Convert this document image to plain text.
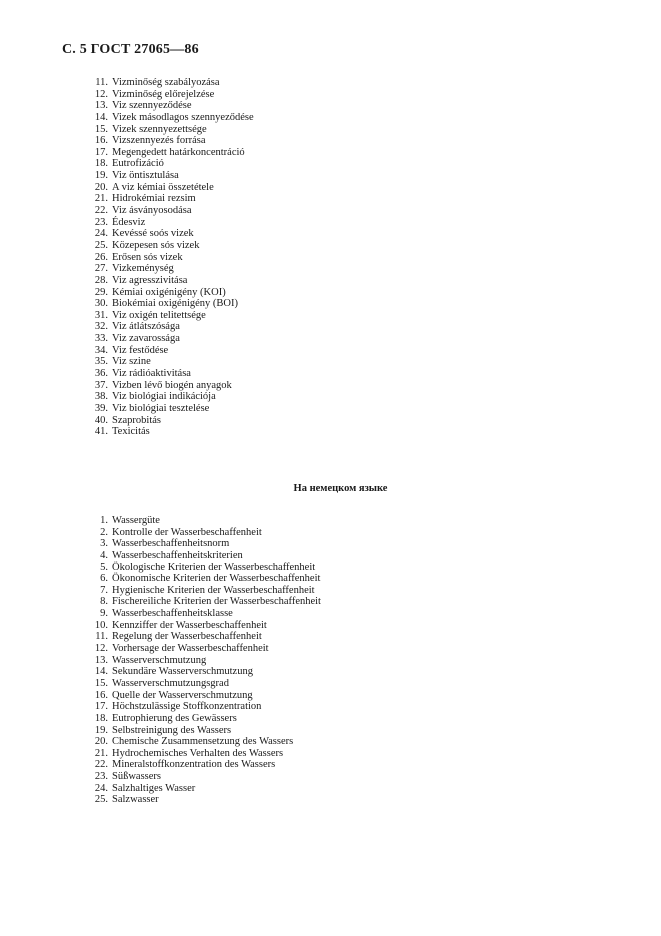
С. 5 ГОСТ 27065—86
11. Vizminőség szabályozása
12. Vizminőség előrejelzése
13. Viz szennyeződése
14. Vizek másodlagos szennyeződése
15. Vizek szennyezettsége
16. Vizszennyezés forrása
17. Megengedett határkoncentráció
18. Eutrofizáció
19. Viz öntisztulása
20. A viz kémiai összetétele
21. Hidrokémiai rezsim
22. Viz ásványosodása
23. Édesviz
24. Kevéssé soós vizek
25. Közepesen sós vizek
26. Erősen sós vizek
27. Vizkeménység
28. Viz agresszivitása
29. Kémiai oxigénigény (KOI)
30. Biokémiai oxigénigény (BOI)
31. Viz oxigén telitettsége
32. Viz átlátszósága
33. Viz zavarossága
34. Viz festődése
35. Viz szine
36. Viz rádióaktivitása
37. Vizben lévő biogén anyagok
38. Viz biológiai indikációja
39. Viz biológiai tesztelése
40. Szaprobitás
41. Texicitás
На немецком языке
1. Wassergüte
2. Kontrolle der Wasserbeschaffenheit
3. Wasserbeschaffenheitsnorm
4. Wasserbeschaffenheitskriterien
5. Ökologische Kriterien der Wasserbeschaffenheit
6. Ökonomische Kriterien der Wasserbeschaffenheit
7. Hygienische Kriterien der Wasserbeschaffenheit
8. Fischereiliche Kriterien der Wasserbeschaffenheit
9. Wasserbeschaffenheitsklasse
10. Kennziffer der Wasserbeschaffenheit
11. Regelung der Wasserbeschaffenheit
12. Vorhersage der Wasserbeschaffenheit
13. Wasserverschmutzung
14. Sekundäre Wasserverschmutzung
15. Wasserverschmutzungsgrad
16. Quelle der Wasserverschmutzung
17. Höchstzulässige Stoffkonzentration
18. Eutrophierung des Gewässers
19. Selbstreinigung des Wassers
20. Chemische Zusammensetzung des Wassers
21. Hydrochemisches Verhalten des Wassers
22. Mineralstoffkonzentration des Wassers
23. Süßwassers
24. Salzhaltiges Wasser
25. Salzwasser
